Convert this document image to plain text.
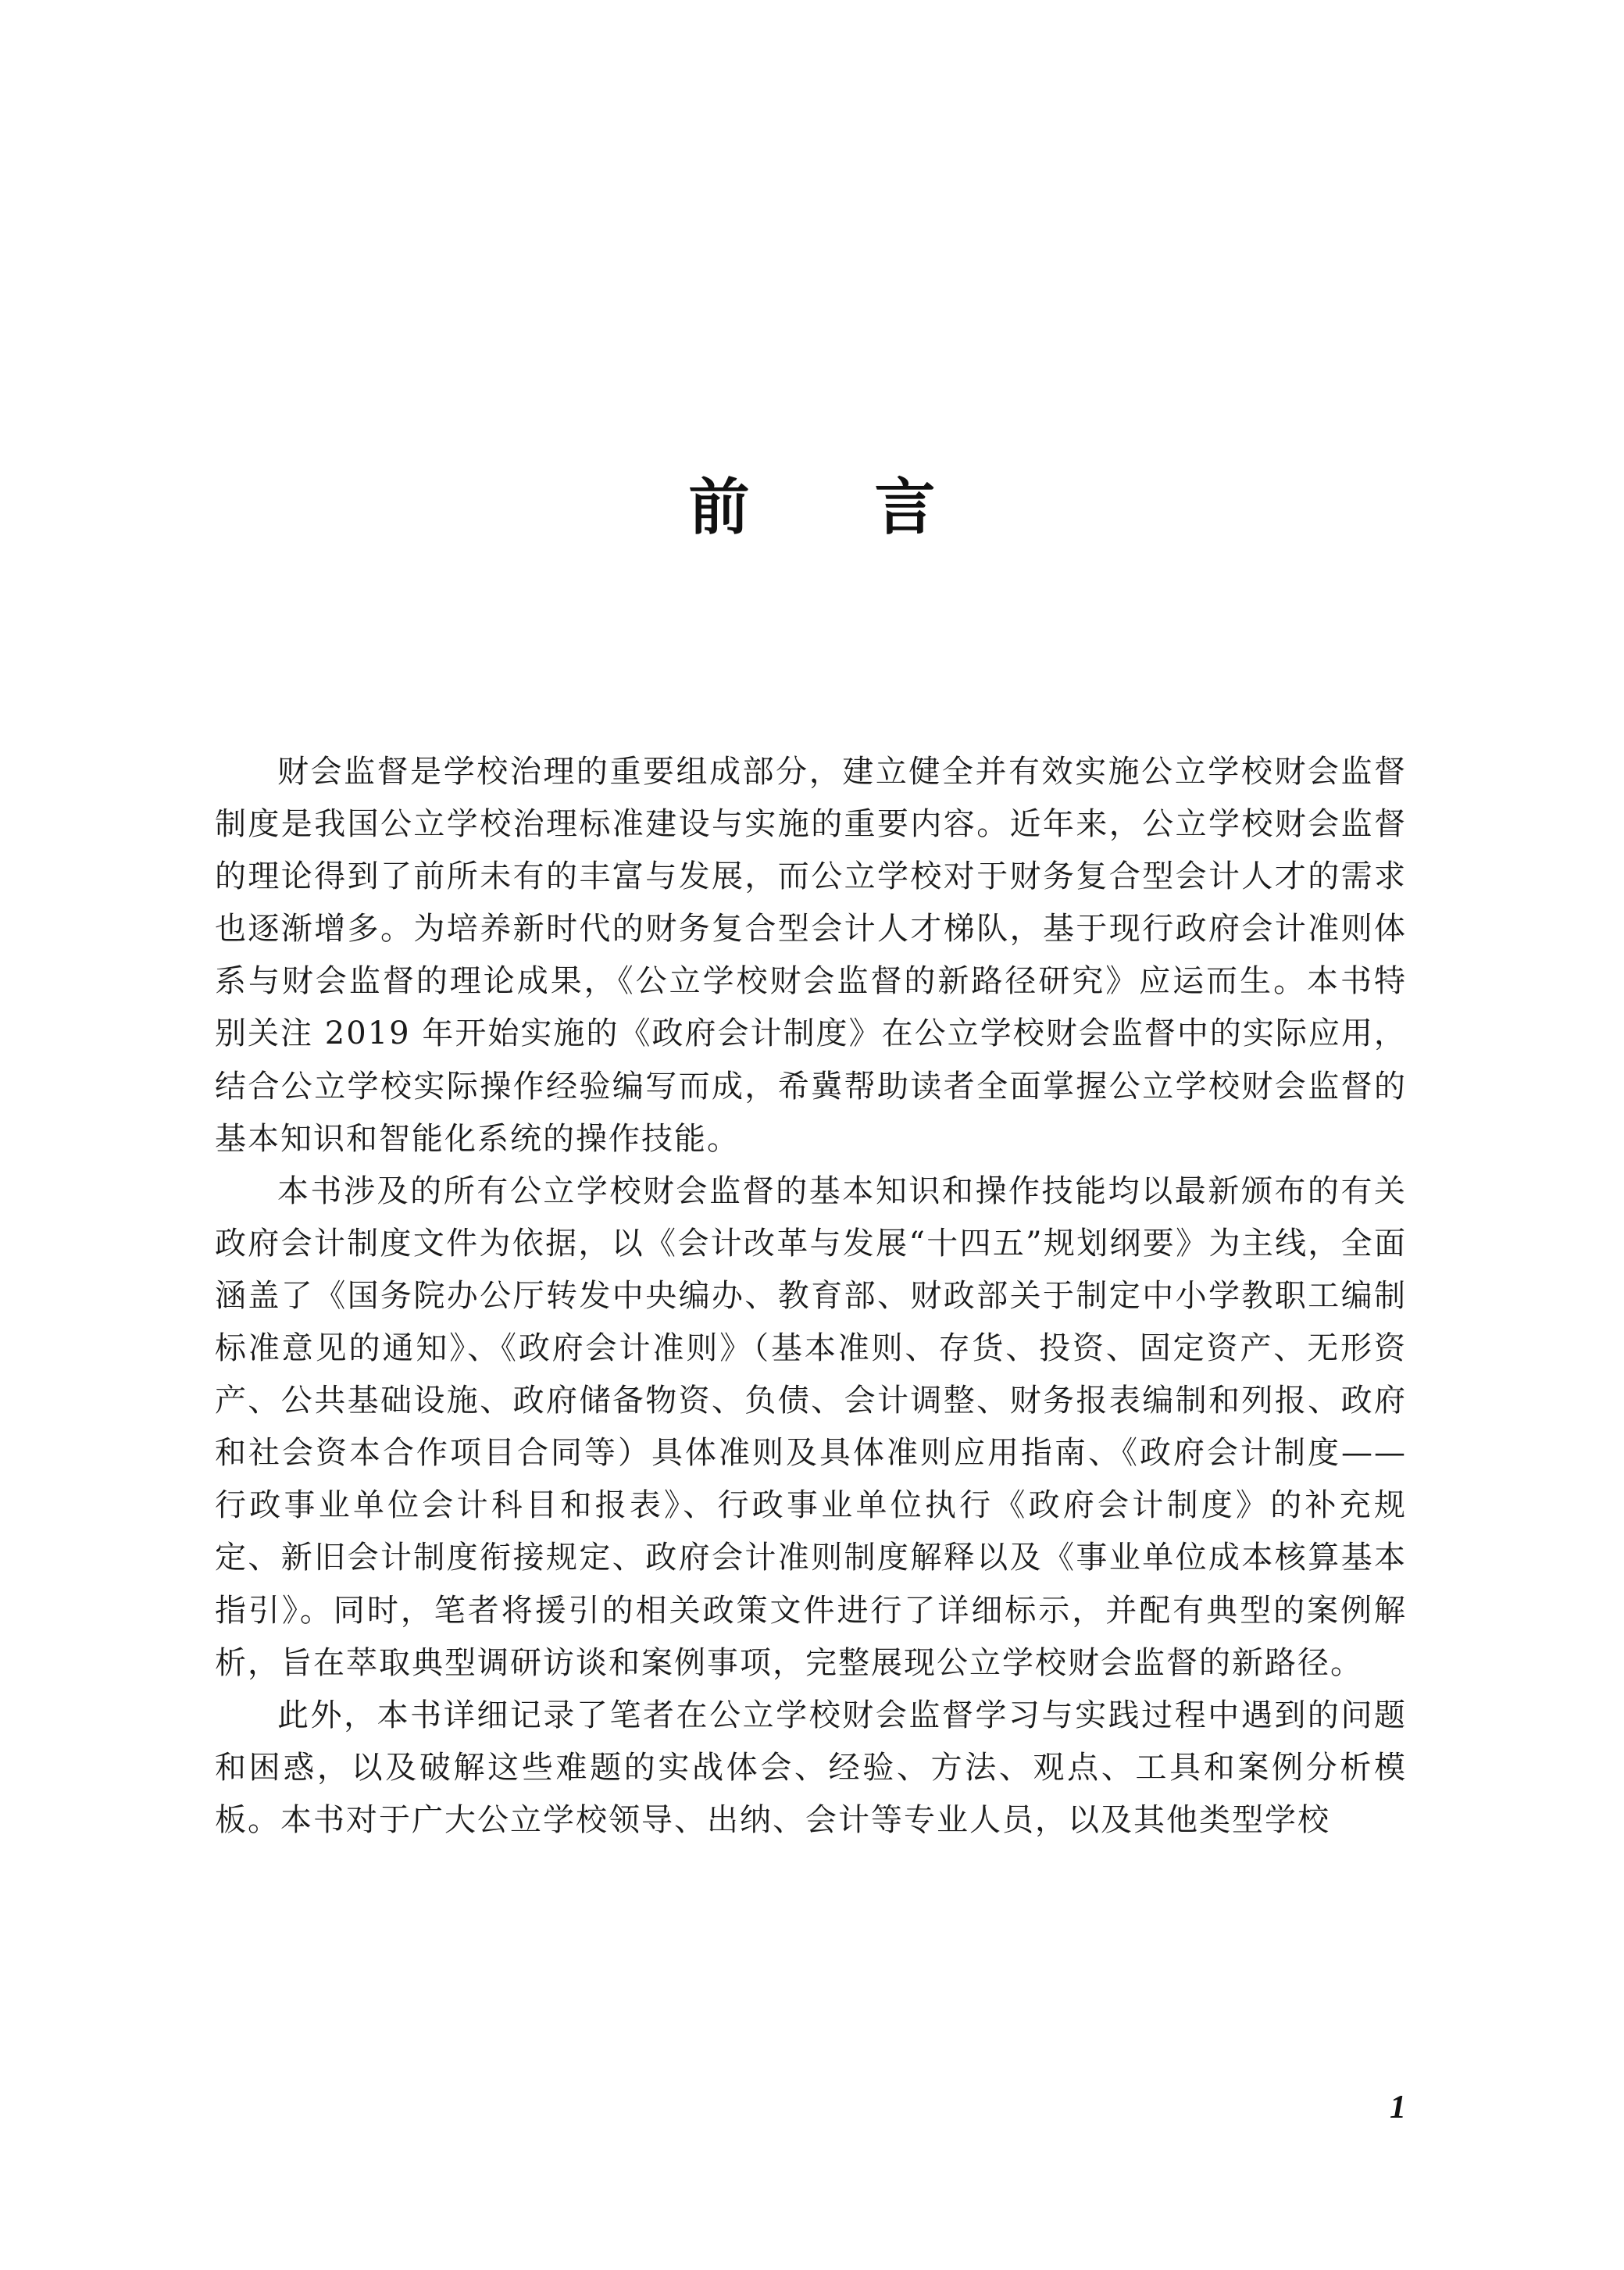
前 言

财会监督是学校治理的重要组成部分，建立健全并有效实施公立学校财会监督制度是我国公立学校治理标准建设与实施的重要内容。近年来，公立学校财会监督的理论得到了前所未有的丰富与发展，而公立学校对于财务复合型会计人才的需求也逐渐增多。为培养新时代的财务复合型会计人才梯队，基于现行政府会计准则体系与财会监督的理论成果，《公立学校财会监督的新路径研究》应运而生。本书特别关注 2019 年开始实施的《政府会计制度》在公立学校财会监督中的实际应用，结合公立学校实际操作经验编写而成，希冀帮助读者全面掌握公立学校财会监督的基本知识和智能化系统的操作技能。

本书涉及的所有公立学校财会监督的基本知识和操作技能均以最新颁布的有关政府会计制度文件为依据，以《会计改革与发展“十四五”规划纲要》为主线，全面涵盖了《国务院办公厅转发中央编办、教育部、财政部关于制定中小学教职工编制标准意见的通知》、《政府会计准则》（基本准则、存货、投资、固定资产、无形资产、公共基础设施、政府储备物资、负债、会计调整、财务报表编制和列报、政府和社会资本合作项目合同等）具体准则及具体准则应用指南、《政府会计制度——行政事业单位会计科目和报表》、行政事业单位执行《政府会计制度》的补充规定、新旧会计制度衔接规定、政府会计准则制度解释以及《事业单位成本核算基本指引》。同时，笔者将援引的相关政策文件进行了详细标示，并配有典型的案例解析，旨在萃取典型调研访谈和案例事项，完整展现公立学校财会监督的新路径。

此外，本书详细记录了笔者在公立学校财会监督学习与实践过程中遇到的问题和困惑，以及破解这些难题的实战体会、经验、方法、观点、工具和案例分析模板。本书对于广大公立学校领导、出纳、会计等专业人员，以及其他类型学校

1
